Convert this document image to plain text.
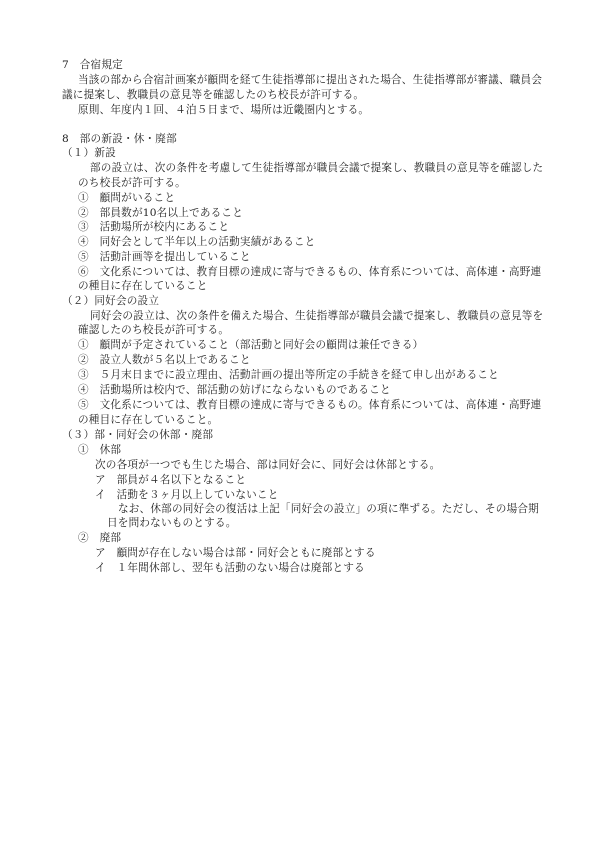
7　合宿規定
当該の部から合宿計画案が顧問を経て生徒指導部に提出された場合、生徒指導部が審議、職員会
議に提案し、教職員の意見等を確認したのち校長が許可する。
原則、年度内１回、４泊５日まで、場所は近畿圏内とする。
8　部の新設・休・廃部
（１）新設
部の設立は、次の条件を考慮して生徒指導部が職員会議で提案し、教職員の意見等を確認した
のち校長が許可する。
①　顧問がいること
②　部員数が10名以上であること
③　活動場所が校内にあること
④　同好会として半年以上の活動実績があること
⑤　活動計画等を提出していること
⑥　文化系については、教育目標の達成に寄与できるもの、体育系については、高体連・高野連
の種目に存在していること
（２）同好会の設立
同好会の設立は、次の条件を備えた場合、生徒指導部が職員会議で提案し、教職員の意見等を
確認したのち校長が許可する。
①　顧問が予定されていること（部活動と同好会の顧問は兼任できる）
②　設立人数が５名以上であること
③　５月末日までに設立理由、活動計画の提出等所定の手続きを経て申し出があること
④　活動場所は校内で、部活動の妨げにならないものであること
⑤　文化系については、教育目標の達成に寄与できるもの。体育系については、高体連・高野連
の種目に存在していること。
（３）部・同好会の休部・廃部
①　休部
次の各項が一つでも生じた場合、部は同好会に、同好会は休部とする。
ア　部員が４名以下となること
イ　活動を３ヶ月以上していないこと
なお、休部の同好会の復活は上記「同好会の設立」の項に準ずる。ただし、その場合期
日を問わないものとする。
②　廃部
ア　顧問が存在しない場合は部・同好会ともに廃部とする
イ　１年間休部し、翌年も活動のない場合は廃部とする
